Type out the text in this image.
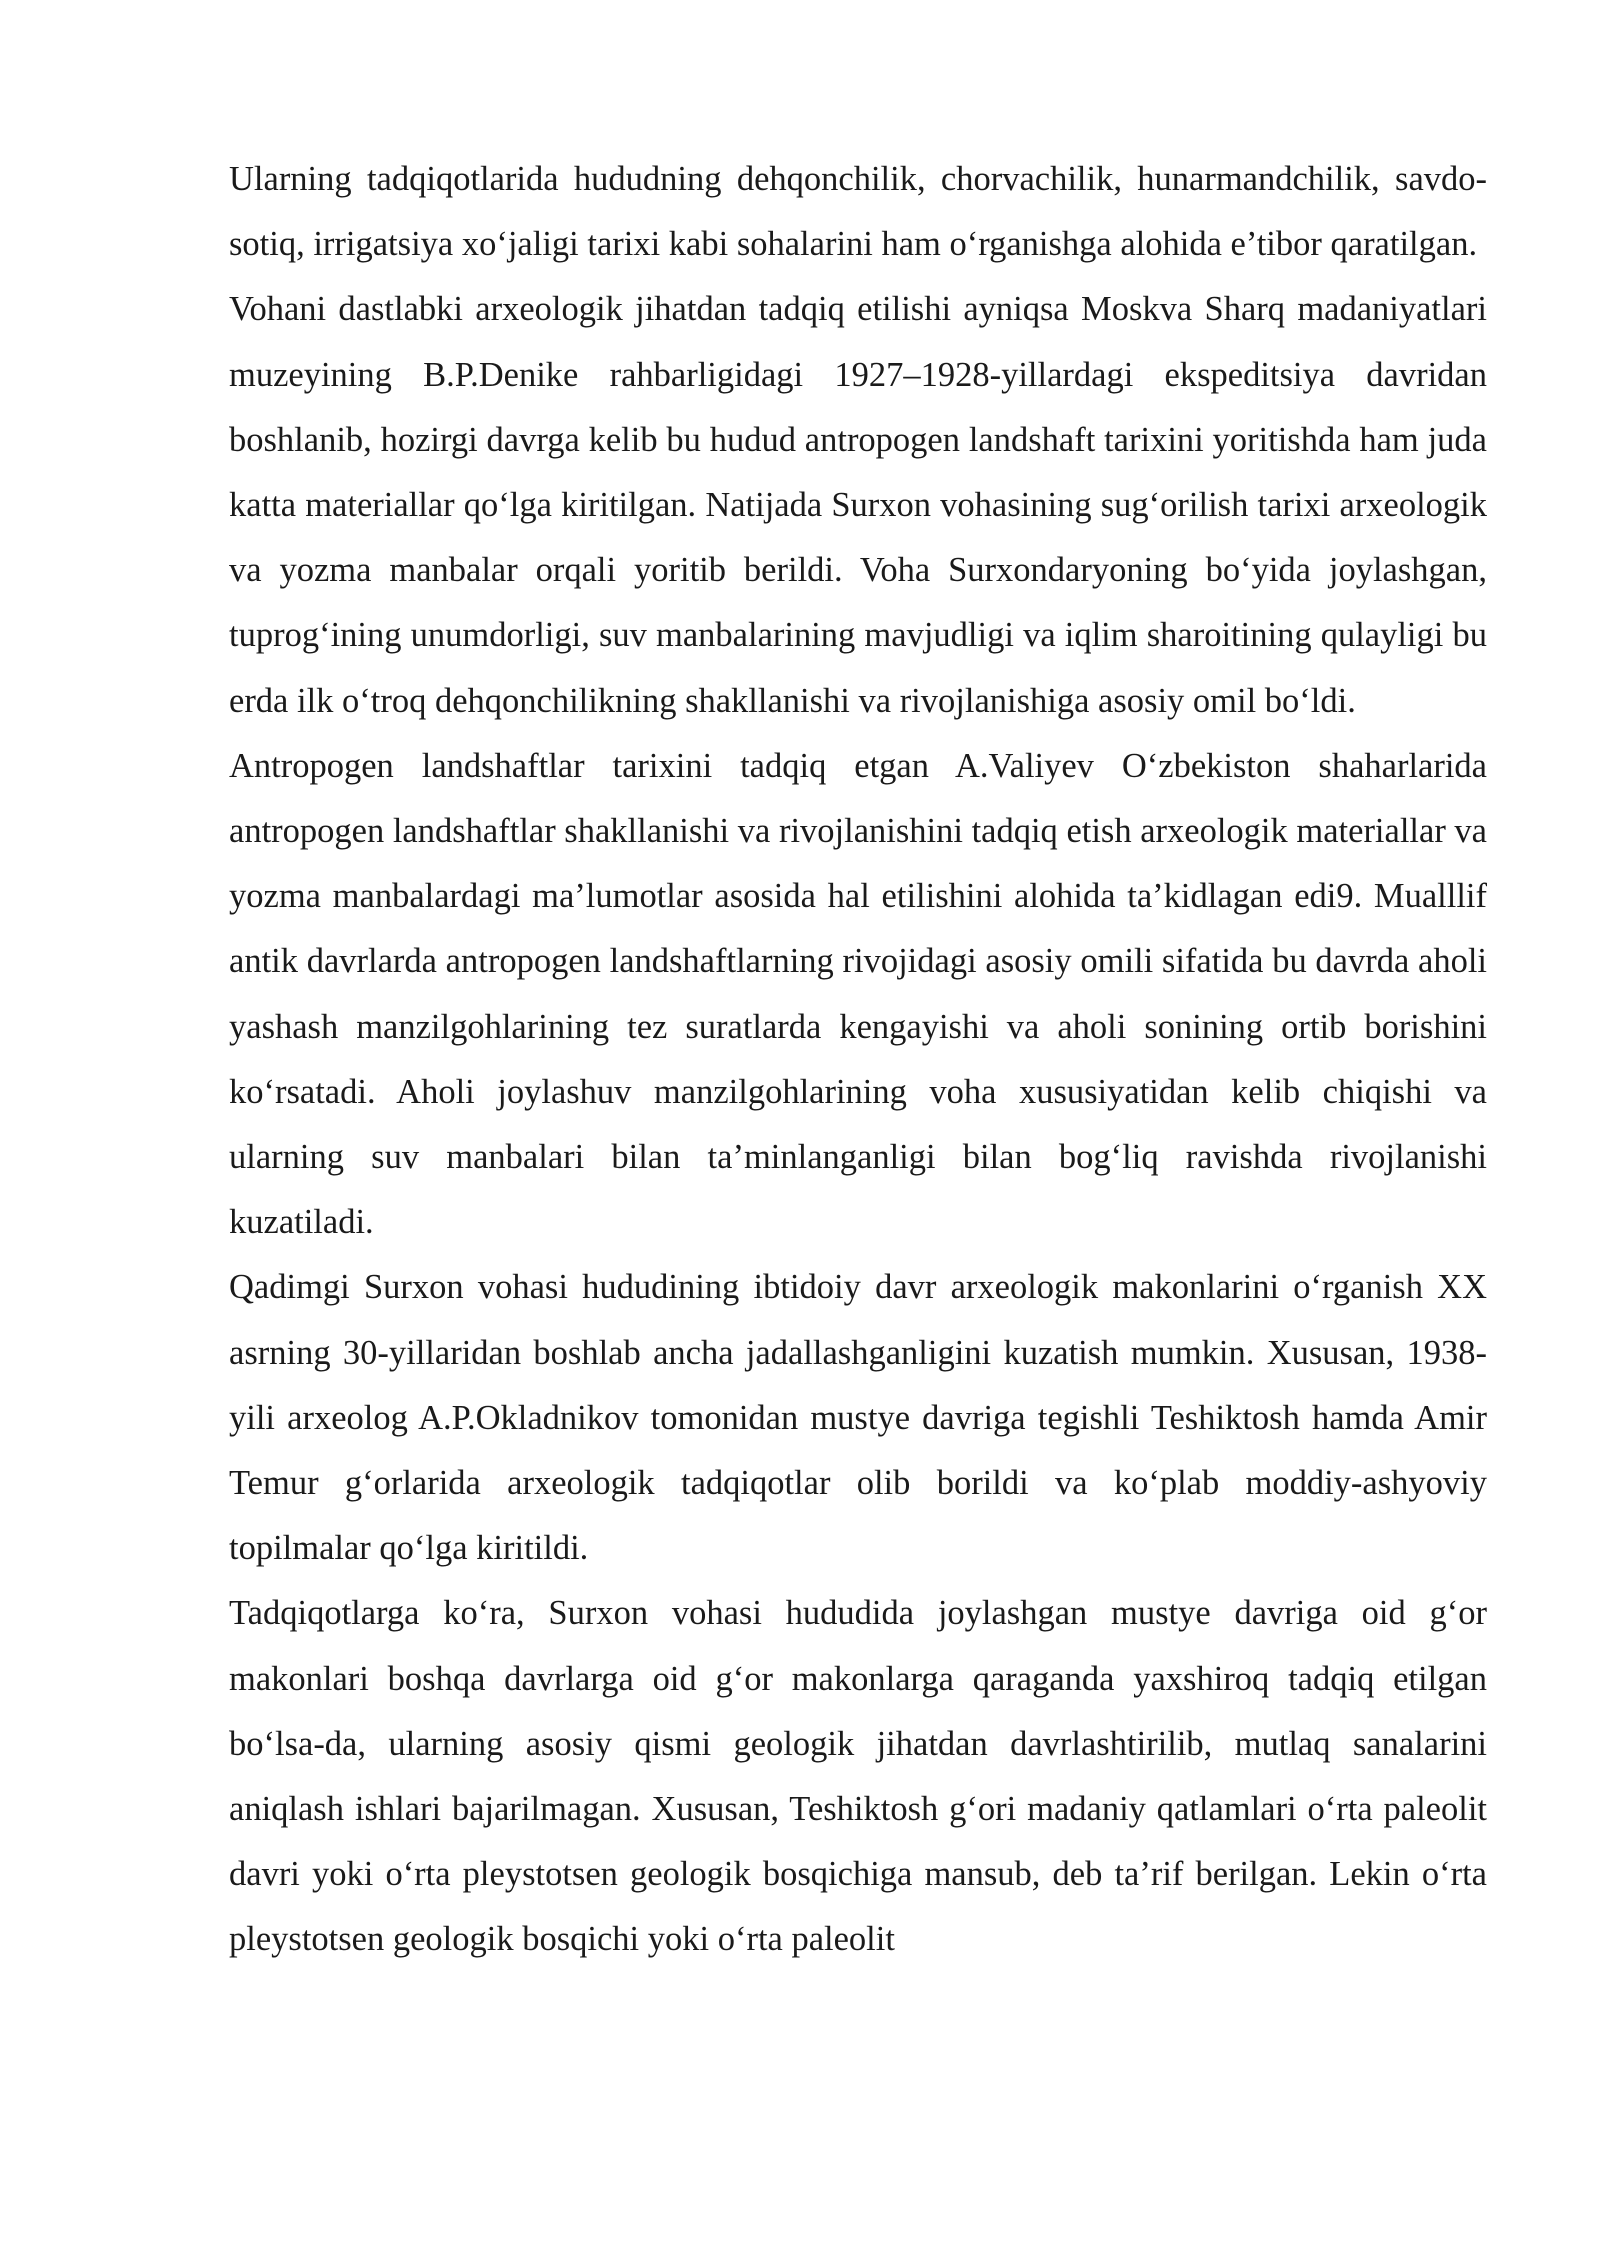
Ularning tadqiqotlarida hududning dehqonchilik, chorvachilik, hunarmandchilik, savdo-sotiq, irrigatsiya xo‘jaligi tarixi kabi sohalarini ham o‘rganishga alohida e’tibor qaratilgan.

Vohani dastlabki arxeologik jihatdan tadqiq etilishi ayniqsa Moskva Sharq madaniyatlari muzeyining B.P.Denike rahbarligidagi 1927–1928-yillardagi ekspeditsiya davridan boshlanib, hozirgi davrga kelib bu hudud antropogen landshaft tarixini yoritishda ham juda katta materiallar qo‘lga kiritilgan. Natijada Surxon vohasining sug‘orilish tarixi arxeologik va yozma manbalar orqali yoritib berildi. Voha Surxondaryoning bo‘yida joylashgan, tuprog‘ining unumdorligi, suv manbalarining mavjudligi va iqlim sharoitining qulayligi bu erda ilk o‘troq dehqonchilikning shakllanishi va rivojlanishiga asosiy omil bo‘ldi.

Antropogen landshaftlar tarixini tadqiq etgan A.Valiyev O‘zbekiston shaharlarida antropogen landshaftlar shakllanishi va rivojlanishini tadqiq etish arxeologik materiallar va yozma manbalardagi ma’lumotlar asosida hal etilishini alohida ta’kidlagan edi9. Mualllif antik davrlarda antropogen landshaftlarning rivojidagi asosiy omili sifatida bu davrda aholi yashash manzilgohlarining tez suratlarda kengayishi va aholi sonining ortib borishini ko‘rsatadi. Aholi joylashuv manzilgohlarining voha xususiyatidan kelib chiqishi va ularning suv manbalari bilan ta’minlanganligi bilan bog‘liq ravishda rivojlanishi kuzatiladi.

Qadimgi Surxon vohasi hududining ibtidoiy davr arxeologik makonlarini o‘rganish XX asrning 30-yillaridan boshlab ancha jadallashganligini kuzatish mumkin. Xususan, 1938-yili arxeolog A.P.Okladnikov tomonidan mustye davriga tegishli Teshiktosh hamda Amir Temur g‘orlarida arxeologik tadqiqotlar olib borildi va ko‘plab moddiy-ashyoviy topilmalar qo‘lga kiritildi.

Tadqiqotlarga ko‘ra, Surxon vohasi hududida joylashgan mustye davriga oid g‘or makonlari boshqa davrlarga oid g‘or makonlarga qaraganda yaxshiroq tadqiq etilgan bo‘lsa-da, ularning asosiy qismi geologik jihatdan davrlashtirilib, mutlaq sanalarini aniqlash ishlari bajarilmagan. Xususan, Teshiktosh g‘ori madaniy qatlamlari o‘rta paleolit davri yoki o‘rta pleystotsen geologik bosqichiga mansub, deb ta’rif berilgan. Lekin o‘rta pleystotsen geologik bosqichi yoki o‘rta paleolit
